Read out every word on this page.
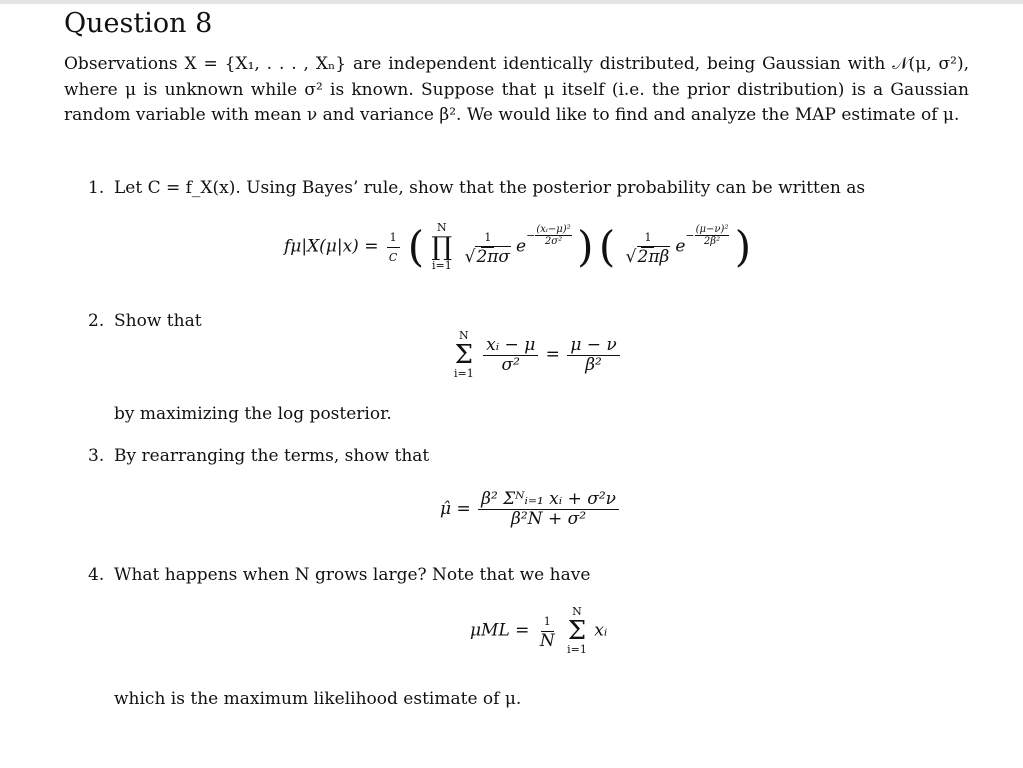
Question 8

Observations X = {X₁, . . . , Xₙ} are independent identically distributed, being Gaussian with 𝒩(μ, σ²), where μ is unknown while σ² is known. Suppose that μ itself (i.e. the prior distribution) is a Gaussian random variable with mean ν and variance β². We would like to find and analyze the MAP estimate of μ.

1. Let C = f_X(x). Using Bayes’ rule, show that the posterior probability can be written as
$f\mu|X(\mu|x) = \frac{1}{C}$ ( N
∏
i=1
$\frac{1}{√2\pi\sigma} e-$ (xᵢ−μ)²
2σ² ) ( $\frac{1}{√2\pi\beta} e- (\mu-\nu)^2$
2β² )
2. Show that
N
Σ
i=1
$\frac{\text{xᵢ − μ}}{\text{σ²}} = \frac{\mu - \nu}{\text{β²}}$
by maximizing the log posterior.
3. By rearranging the terms, show that
μ̂ = $\frac{\text{β² Σᴺᵢ₌₁ xᵢ + σ²ν}}{\text{β²N + σ²}}$
4. What happens when N grows large? Note that we have
$\mu ML = \frac{1}{N}$
N
Σ
i=1
xᵢ
which is the maximum likelihood estimate of μ.
